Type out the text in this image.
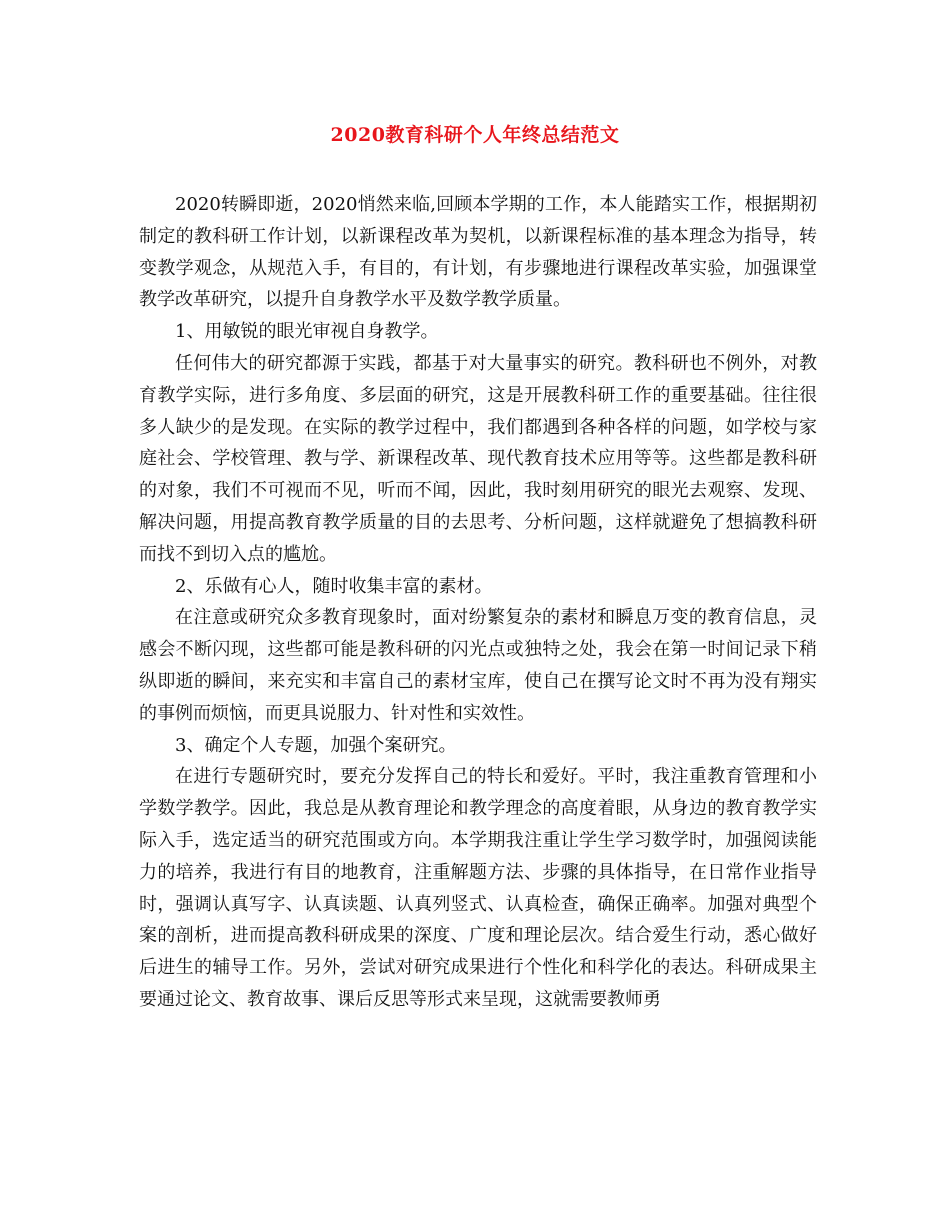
2020教育科研个人年终总结范文

2020转瞬即逝，2020悄然来临,回顾本学期的工作，本人能踏实工作，根据期初制定的教科研工作计划，以新课程改革为契机，以新课程标准的基本理念为指导，转变教学观念，从规范入手，有目的，有计划，有步骤地进行课程改革实验，加强课堂教学改革研究，以提升自身教学水平及数学教学质量。

1、用敏锐的眼光审视自身教学。

任何伟大的研究都源于实践，都基于对大量事实的研究。教科研也不例外，对教育教学实际，进行多角度、多层面的研究，这是开展教科研工作的重要基础。往往很多人缺少的是发现。在实际的教学过程中，我们都遇到各种各样的问题，如学校与家庭社会、学校管理、教与学、新课程改革、现代教育技术应用等等。这些都是教科研的对象，我们不可视而不见，听而不闻，因此，我时刻用研究的眼光去观察、发现、解决问题，用提高教育教学质量的目的去思考、分析问题，这样就避免了想搞教科研而找不到切入点的尴尬。

2、乐做有心人，随时收集丰富的素材。

在注意或研究众多教育现象时，面对纷繁复杂的素材和瞬息万变的教育信息，灵感会不断闪现，这些都可能是教科研的闪光点或独特之处，我会在第一时间记录下稍纵即逝的瞬间，来充实和丰富自己的素材宝库，使自己在撰写论文时不再为没有翔实的事例而烦恼，而更具说服力、针对性和实效性。

3、确定个人专题，加强个案研究。

在进行专题研究时，要充分发挥自己的特长和爱好。平时，我注重教育管理和小学数学教学。因此，我总是从教育理论和教学理念的高度着眼，从身边的教育教学实际入手，选定适当的研究范围或方向。本学期我注重让学生学习数学时，加强阅读能力的培养，我进行有目的地教育，注重解题方法、步骤的具体指导，在日常作业指导时，强调认真写字、认真读题、认真列竖式、认真检查，确保正确率。加强对典型个案的剖析，进而提高教科研成果的深度、广度和理论层次。结合爱生行动，悉心做好后进生的辅导工作。另外，尝试对研究成果进行个性化和科学化的表达。科研成果主要通过论文、教育故事、课后反思等形式来呈现，这就需要教师勇
